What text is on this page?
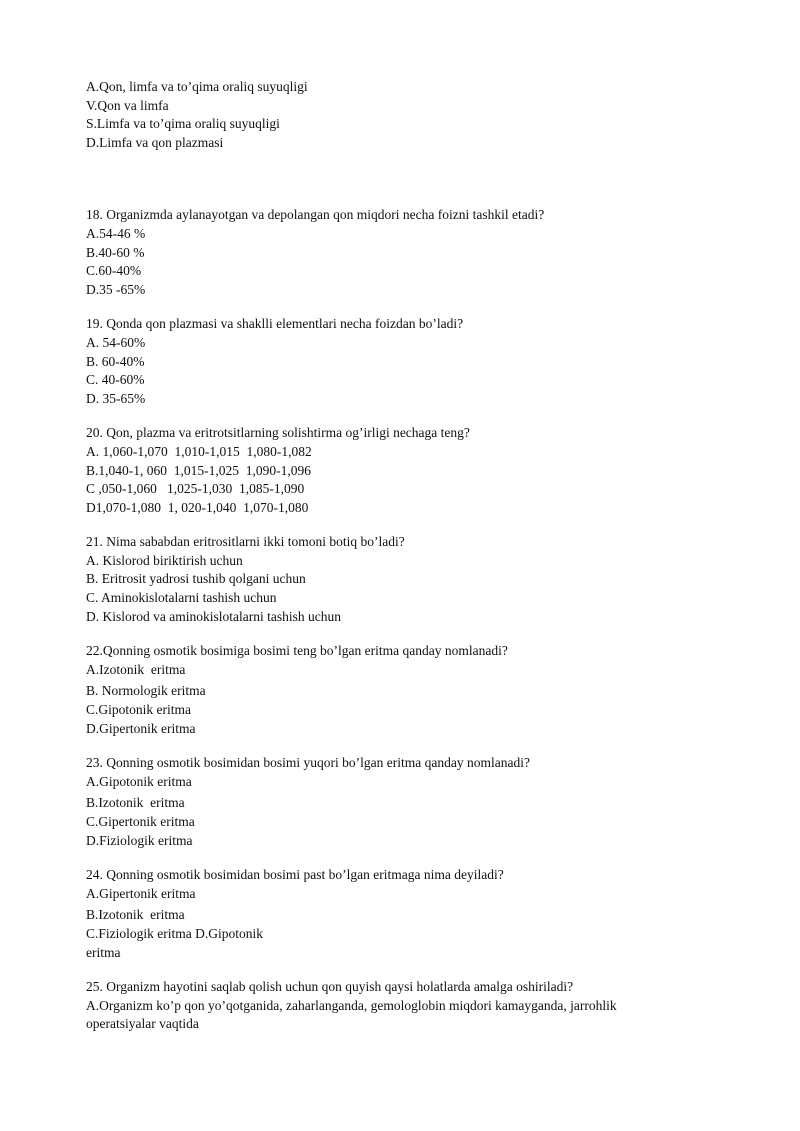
A.Qon, limfa va to’qima oraliq suyuqligi

V.Qon va limfa

S.Limfa va to’qima oraliq suyuqligi

D.Limfa va qon plazmasi

18. Organizmda aylanayotgan va depolangan qon miqdori necha foizni tashkil etadi?

A.54-46 %

B.40-60 %

C.60-40%

D.35 -65%

19. Qonda qon plazmasi va shaklli elementlari necha foizdan bo’ladi?

A. 54-60%

B. 60-40%

C. 40-60%

D. 35-65%

20. Qon, plazma va eritrotsitlarning solishtirma og’irligi nechaga teng?

A. 1,060-1,070  1,010-1,015  1,080-1,082

B.1,040-1, 060  1,015-1,025  1,090-1,096

C ,050-1,060   1,025-1,030  1,085-1,090

D1,070-1,080  1, 020-1,040  1,070-1,080

21. Nima sababdan eritrositlarni ikki tomoni botiq bo’ladi?

A. Kislorod biriktirish uchun

B. Eritrosit yadrosi tushib qolgani uchun

C. Aminokislotalarni tashish uchun

D. Kislorod va aminokislotalarni tashish uchun

22.Qonning osmotik bosimiga bosimi teng bo’lgan eritma qanday nomlanadi?

A.Izotonik  eritma

B. Normologik eritma

C.Gipotonik eritma

D.Gipertonik eritma

23. Qonning osmotik bosimidan bosimi yuqori bo’lgan eritma qanday nomlanadi?

A.Gipotonik eritma

B.Izotonik  eritma

C.Gipertonik eritma

D.Fiziologik eritma

24. Qonning osmotik bosimidan bosimi past bo’lgan eritmaga nima deyiladi?

A.Gipertonik eritma

B.Izotonik  eritma

C.Fiziologik eritma D.Gipotonik

eritma

25. Organizm hayotini saqlab qolish uchun qon quyish qaysi holatlarda amalga oshiriladi?

A.Organizm ko’p qon yo’qotganida, zaharlanganda, gemologlobin miqdori kamayganda, jarrohlik

operatsiyalar vaqtida
